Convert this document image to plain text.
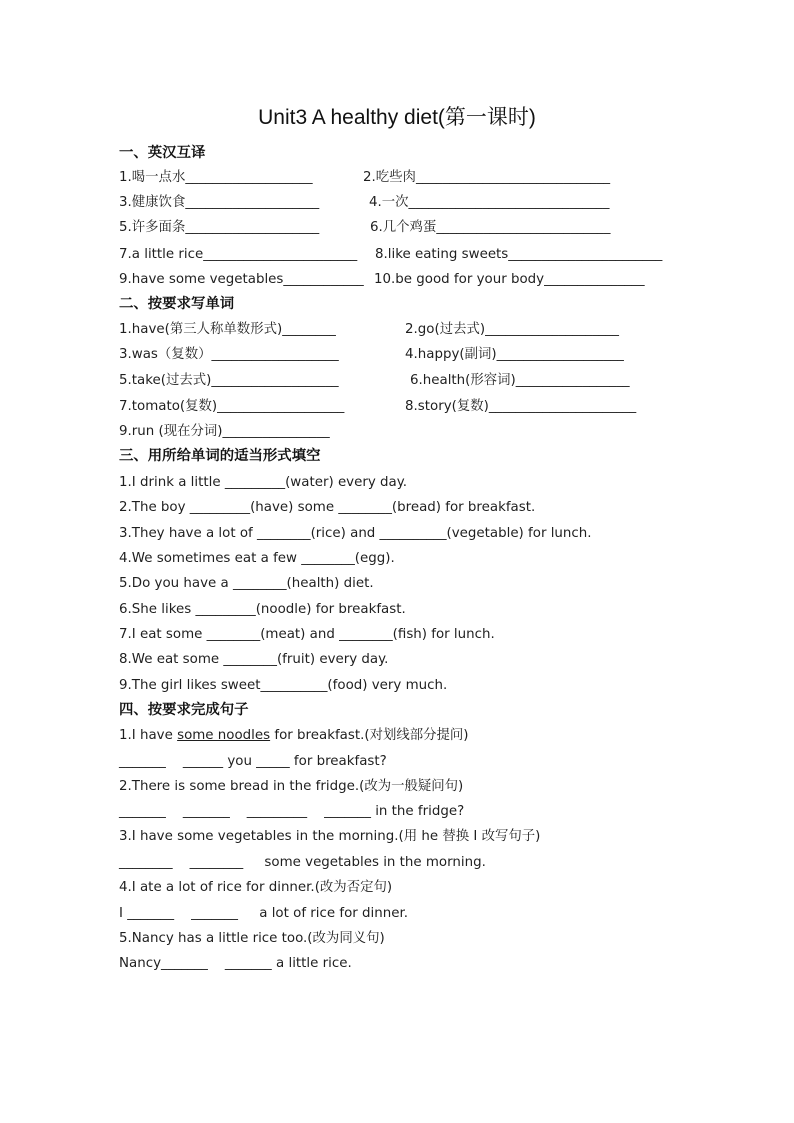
Unit3 A healthy diet(第一课时)
一、英汉互译
1.喝一点水___________________	2.吃些肉_____________________________
3.健康饮食____________________	4.一次______________________________
5.许多面条____________________	6.几个鸡蛋__________________________
7.a little rice_______________________ 8.like eating sweets_______________________
9.have some vegetables____________ 10.be good for your body_______________
二、按要求写单词
1.have(第三人称单数形式)________	2.go(过去式)____________________
3.was（复数）___________________	4.happy(副词)___________________
5.take(过去式)___________________	6.health(形容词)_________________
7.tomato(复数)___________________	8.story(复数)______________________
9.run (现在分词)________________
三、用所给单词的适当形式填空
1.I drink a little _________(water) every day.
2.The boy _________(have) some ________(bread) for breakfast.
3.They have a lot of ________(rice) and __________(vegetable) for lunch.
4.We sometimes eat a few ________(egg).
5.Do you have a ________(health) diet.
6.She likes _________(noodle) for breakfast.
7.I eat some ________(meat) and ________(fish) for lunch.
8.We eat some ________(fruit) every day.
9.The girl likes sweet__________(food) very much.
四、按要求完成句子
1.I have some noodles for breakfast.(对划线部分提问)
_______    ______ you _____ for breakfast?
2.There is some bread in the fridge.(改为一般疑问句)
_______    _______    _________    _______ in the fridge?
3.I have some vegetables in the morning.(用 he 替换 I 改写句子)
________    ________     some vegetables in the morning.
4.I ate a lot of rice for dinner.(改为否定句)
I _______    _______     a lot of rice for dinner.
5.Nancy has a little rice too.(改为同义句)
Nancy_______    _______ a little rice.
